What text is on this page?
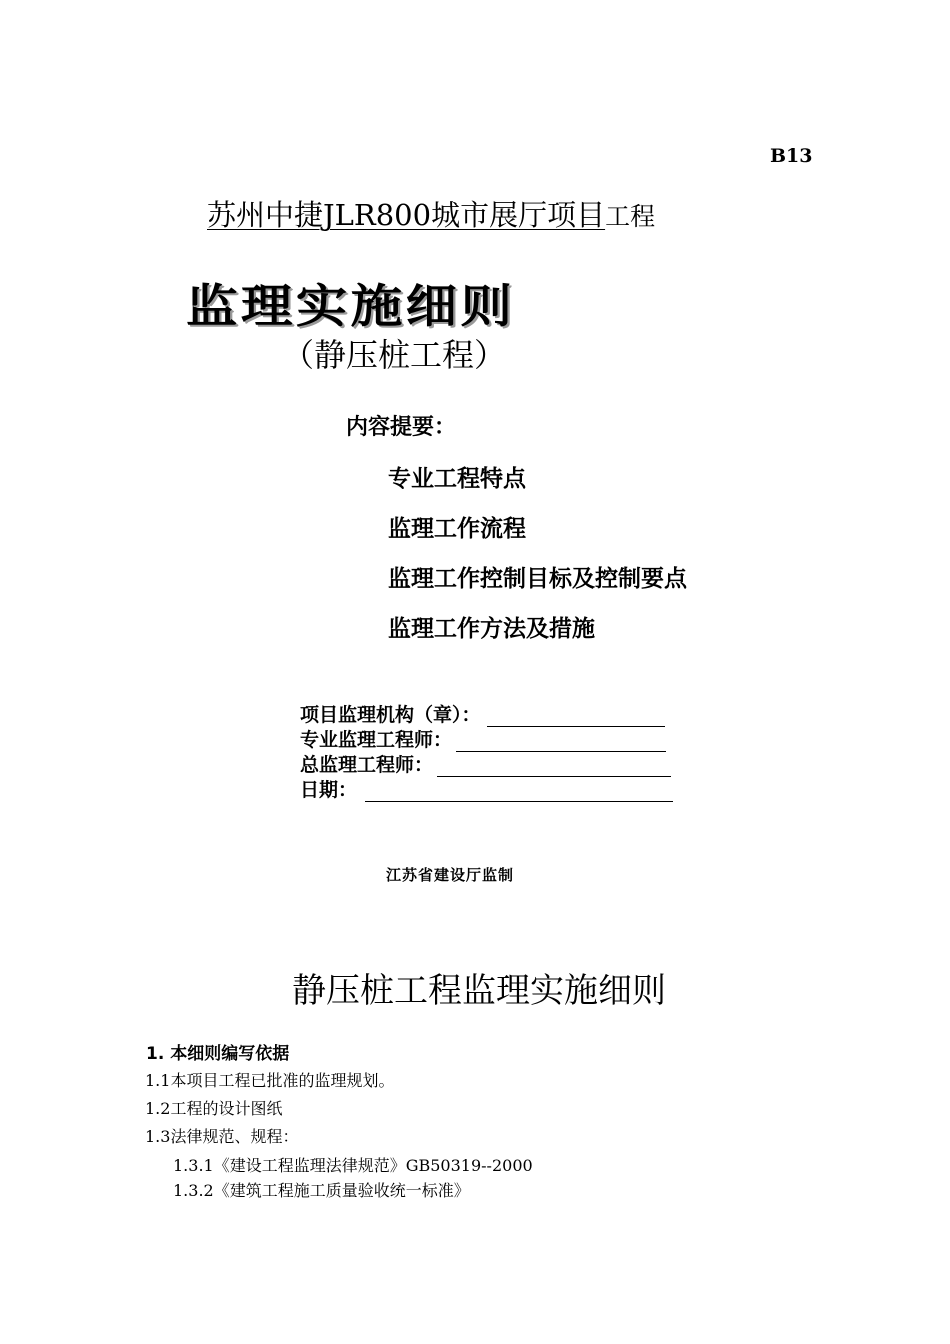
B13
苏州中捷JLR800城市展厅项目工程
监理实施细则
（静压桩工程）
内容提要：
专业工程特点
监理工作流程
监理工作控制目标及控制要点
监理工作方法及措施
项目监理机构（章）：
专业监理工程师：
总监理工程师：
日期：
江苏省建设厅监制
静压桩工程监理实施细则
1. 本细则编写依据
1.1本项目工程已批准的监理规划。
1.2工程的设计图纸
1.3法律规范、规程：
1.3.1《建设工程监理法律规范》GB50319--2000
1.3.2《建筑工程施工质量验收统一标准》
